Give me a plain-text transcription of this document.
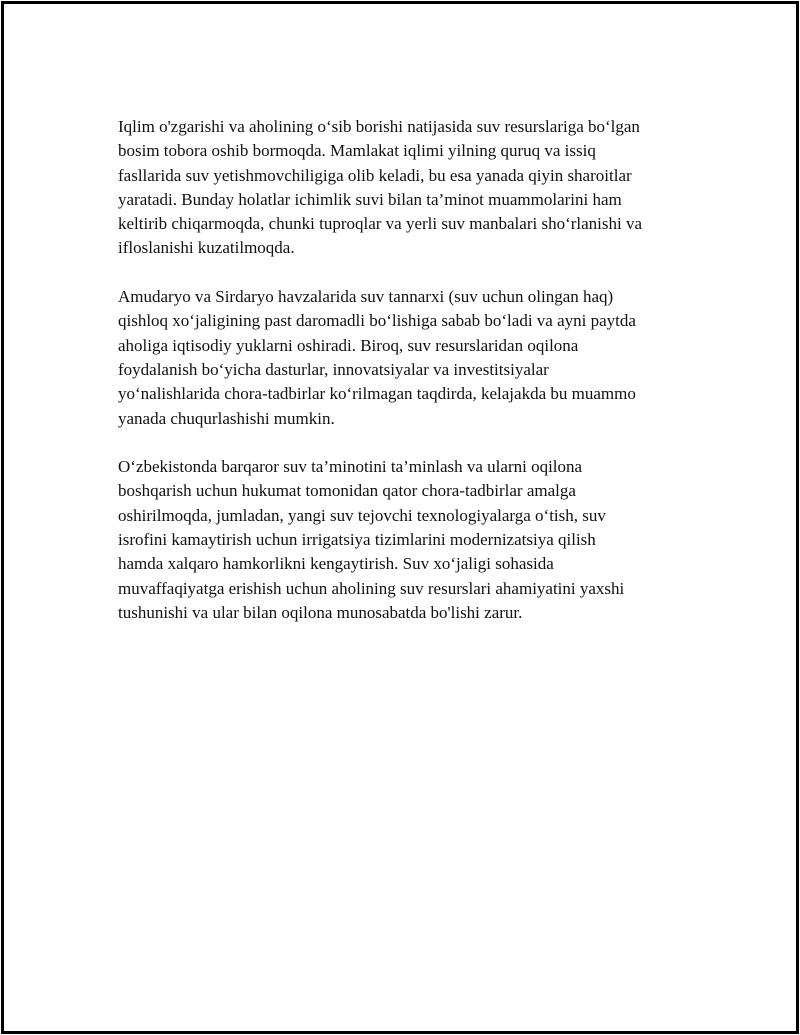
Iqlim o'zgarishi va aholining o‘sib borishi natijasida suv resurslariga bo‘lgan
bosim tobora oshib bormoqda. Mamlakat iqlimi yilning quruq va issiq
fasllarida suv yetishmovchiligiga olib keladi, bu esa yanada qiyin sharoitlar
yaratadi. Bunday holatlar ichimlik suvi bilan ta’minot muammolarini ham
keltirib chiqarmoqda, chunki tuproqlar va yerli suv manbalari sho‘rlanishi va
ifloslanishi kuzatilmoqda.

Amudaryo va Sirdaryo havzalarida suv tannarxi (suv uchun olingan haq)
qishloq xo‘jaligining past daromadli bo‘lishiga sabab bo‘ladi va ayni paytda
aholiga iqtisodiy yuklarni oshiradi. Biroq, suv resurslaridan oqilona
foydalanish bo‘yicha dasturlar, innovatsiyalar va investitsiyalar
yo‘nalishlarida chora-tadbirlar ko‘rilmagan taqdirda, kelajakda bu muammo
yanada chuqurlashishi mumkin.

O‘zbekistonda barqaror suv ta’minotini ta’minlash va ularni oqilona
boshqarish uchun hukumat tomonidan qator chora-tadbirlar amalga
oshirilmoqda, jumladan, yangi suv tejovchi texnologiyalarga o‘tish, suv
isrofini kamaytirish uchun irrigatsiya tizimlarini modernizatsiya qilish
hamda xalqaro hamkorlikni kengaytirish. Suv xo‘jaligi sohasida
muvaffaqiyatga erishish uchun aholining suv resurslari ahamiyatini yaxshi
tushunishi va ular bilan oqilona munosabatda bo'lishi zarur.
